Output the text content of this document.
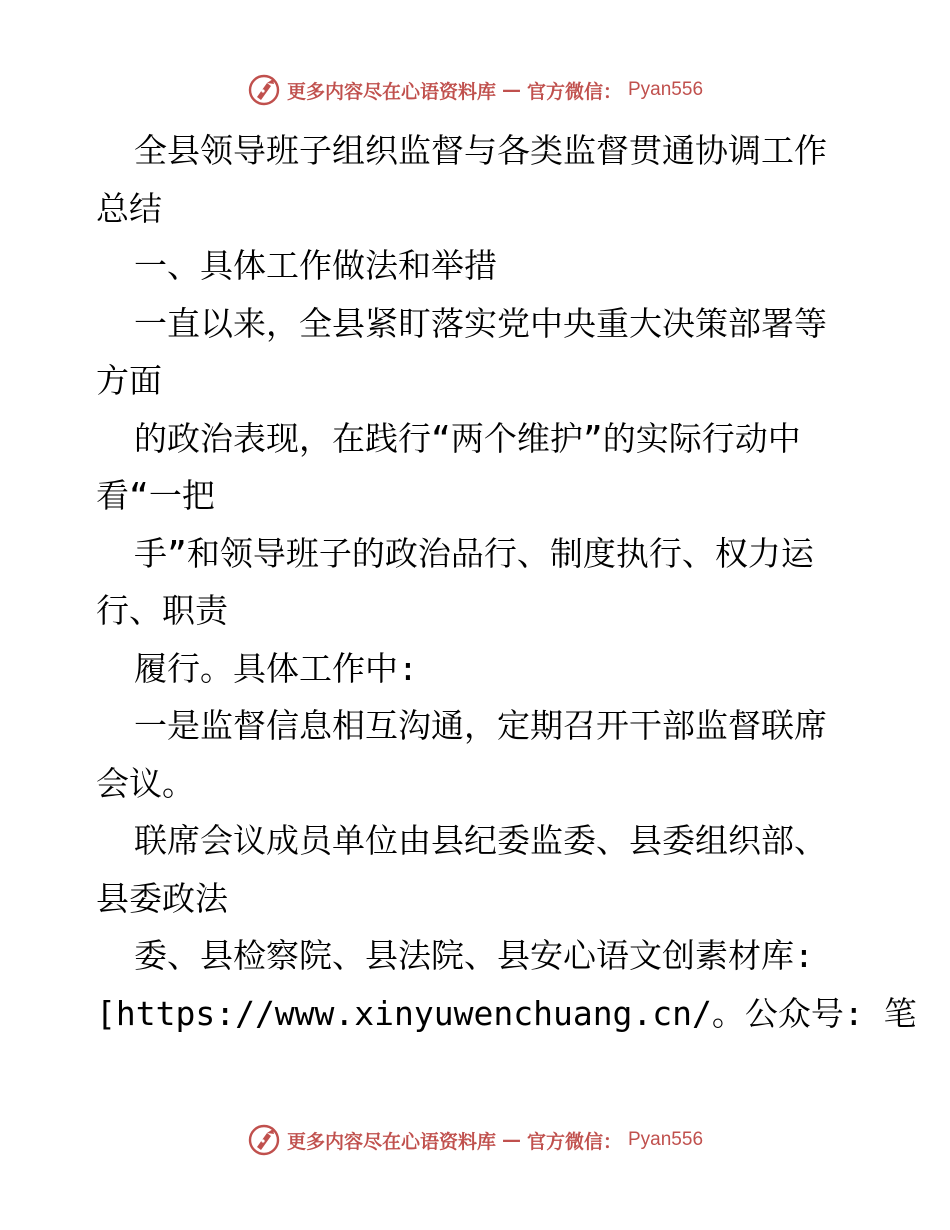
更多内容尽在心语资料库 — 官方微信： Pyan556
全县领导班子组织监督与各类监督贯通协调工作
总结
一、具体工作做法和举措
一直以来，全县紧盯落实党中央重大决策部署等
方面
的政治表现，在践行“两个维护”的实际行动中
看“一把
手”和领导班子的政治品行、制度执行、权力运
行、职责
履行。具体工作中:
一是监督信息相互沟通，定期召开干部监督联席
会议。
联席会议成员单位由县纪委监委、县委组织部、
县委政法
委、县检察院、县法院、县安心语文创素材库:
[https://www.xinyuwenchuang.cn/。公众号: 笔
更多内容尽在心语资料库 — 官方微信： Pyan556
